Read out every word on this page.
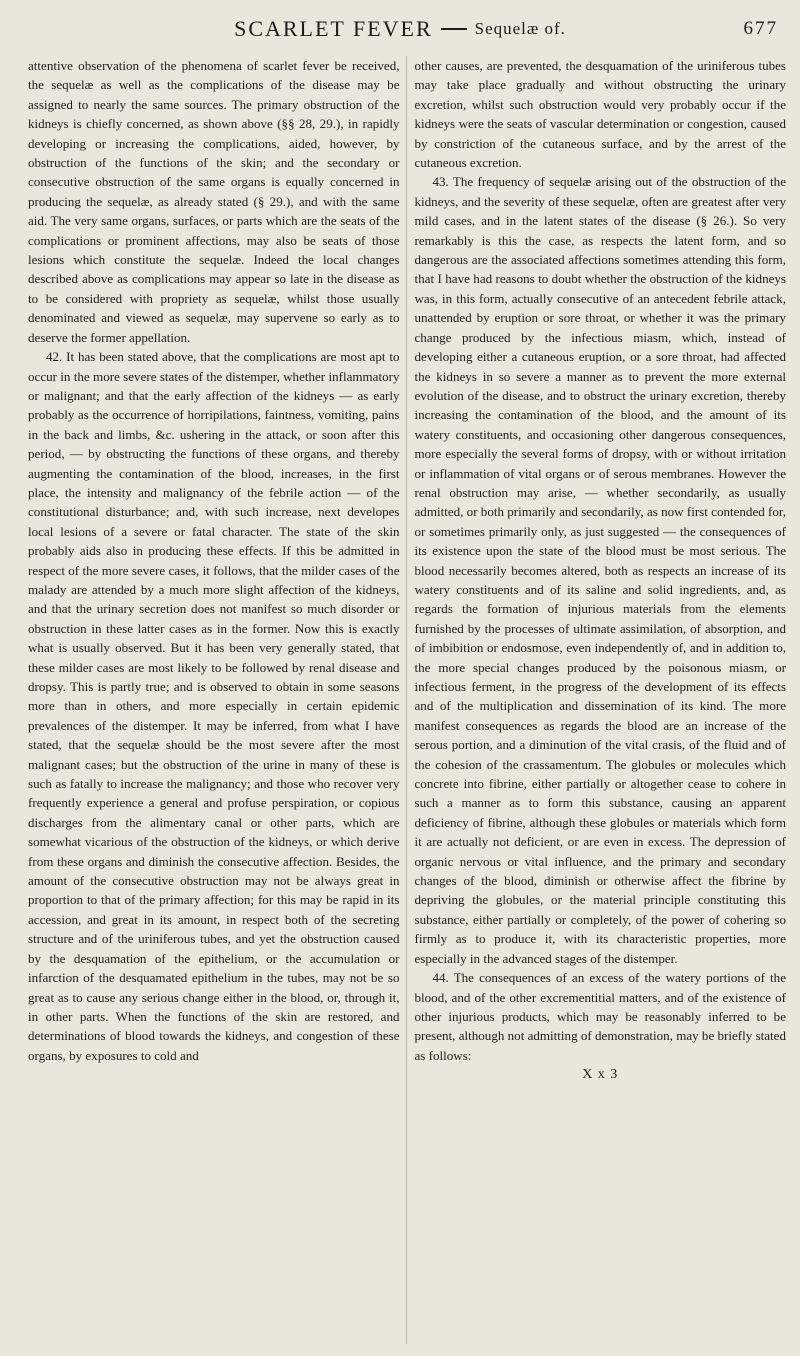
SCARLET FEVER Sequelæ of.	677

attentive observation of the phenomena of scarlet fever be received, the sequelæ as well as the complications of the disease may be assigned to nearly the same sources. The primary obstruction of the kidneys is chiefly concerned, as shown above (§§ 28, 29.), in rapidly developing or increasing the complications, aided, however, by obstruction of the functions of the skin; and the secondary or consecutive obstruction of the same organs is equally concerned in producing the sequelæ, as already stated (§ 29.), and with the same aid. The very same organs, surfaces, or parts which are the seats of the complications or prominent affections, may also be seats of those lesions which constitute the sequelæ. Indeed the local changes described above as complications may appear so late in the disease as to be considered with propriety as sequelæ, whilst those usually denominated and viewed as sequelæ, may supervene so early as to deserve the former appellation.

42. It has been stated above, that the complications are most apt to occur in the more severe states of the distemper, whether inflammatory or malignant; and that the early affection of the kidneys — as early probably as the occurrence of horripilations, faintness, vomiting, pains in the back and limbs, &c. ushering in the attack, or soon after this period, — by obstructing the functions of these organs, and thereby augmenting the contamination of the blood, increases, in the first place, the intensity and malignancy of the febrile action — of the constitutional disturbance; and, with such increase, next developes local lesions of a severe or fatal character. The state of the skin probably aids also in producing these effects. If this be admitted in respect of the more severe cases, it follows, that the milder cases of the malady are attended by a much more slight affection of the kidneys, and that the urinary secretion does not manifest so much disorder or obstruction in these latter cases as in the former. Now this is exactly what is usually observed. But it has been very generally stated, that these milder cases are most likely to be followed by renal disease and dropsy. This is partly true; and is observed to obtain in some seasons more than in others, and more especially in certain epidemic prevalences of the distemper. It may be inferred, from what I have stated, that the sequelæ should be the most severe after the most malignant cases; but the obstruction of the urine in many of these is such as fatally to increase the malignancy; and those who recover very frequently experience a general and profuse perspiration, or copious discharges from the alimentary canal or other parts, which are somewhat vicarious of the obstruction of the kidneys, or which derive from these organs and diminish the consecutive affection. Besides, the amount of the consecutive obstruction may not be always great in proportion to that of the primary affection; for this may be rapid in its accession, and great in its amount, in respect both of the secreting structure and of the uriniferous tubes, and yet the obstruction caused by the desquamation of the epithelium, or the accumulation or infarction of the desquamated epithelium in the tubes, may not be so great as to cause any serious change either in the blood, or, through it, in other parts. When the functions of the skin are restored, and determinations of blood towards the kidneys, and congestion of these organs, by exposures to cold and

other causes, are prevented, the desquamation of the uriniferous tubes may take place gradually and without obstructing the urinary excretion, whilst such obstruction would very probably occur if the kidneys were the seats of vascular determination or congestion, caused by constriction of the cutaneous surface, and by the arrest of the cutaneous excretion.

43. The frequency of sequelæ arising out of the obstruction of the kidneys, and the severity of these sequelæ, often are greatest after very mild cases, and in the latent states of the disease (§ 26.). So very remarkably is this the case, as respects the latent form, and so dangerous are the associated affections sometimes attending this form, that I have had reasons to doubt whether the obstruction of the kidneys was, in this form, actually consecutive of an antecedent febrile attack, unattended by eruption or sore throat, or whether it was the primary change produced by the infectious miasm, which, instead of developing either a cutaneous eruption, or a sore throat, had affected the kidneys in so severe a manner as to prevent the more external evolution of the disease, and to obstruct the urinary excretion, thereby increasing the contamination of the blood, and the amount of its watery constituents, and occasioning other dangerous consequences, more especially the several forms of dropsy, with or without irritation or inflammation of vital organs or of serous membranes. However the renal obstruction may arise, — whether secondarily, as usually admitted, or both primarily and secondarily, as now first contended for, or sometimes primarily only, as just suggested — the consequences of its existence upon the state of the blood must be most serious. The blood necessarily becomes altered, both as respects an increase of its watery constituents and of its saline and solid ingredients, and, as regards the formation of injurious materials from the elements furnished by the processes of ultimate assimilation, of absorption, and of imbibition or endosmose, even independently of, and in addition to, the more special changes produced by the poisonous miasm, or infectious ferment, in the progress of the development of its effects and of the multiplication and dissemination of its kind. The more manifest consequences as regards the blood are an increase of the serous portion, and a diminution of the vital crasis, of the fluid and of the cohesion of the crassamentum. The globules or molecules which concrete into fibrine, either partially or altogether cease to cohere in such a manner as to form this substance, causing an apparent deficiency of fibrine, although these globules or materials which form it are actually not deficient, or are even in excess. The depression of organic nervous or vital influence, and the primary and secondary changes of the blood, diminish or otherwise affect the fibrine by depriving the globules, or the material principle constituting this substance, either partially or completely, of the power of cohering so firmly as to produce it, with its characteristic properties, more especially in the advanced stages of the distemper.

44. The consequences of an excess of the watery portions of the blood, and of the other excrementitial matters, and of the existence of other injurious products, which may be reasonably inferred to be present, although not admitting of demonstration, may be briefly stated as follows:

X x 3
